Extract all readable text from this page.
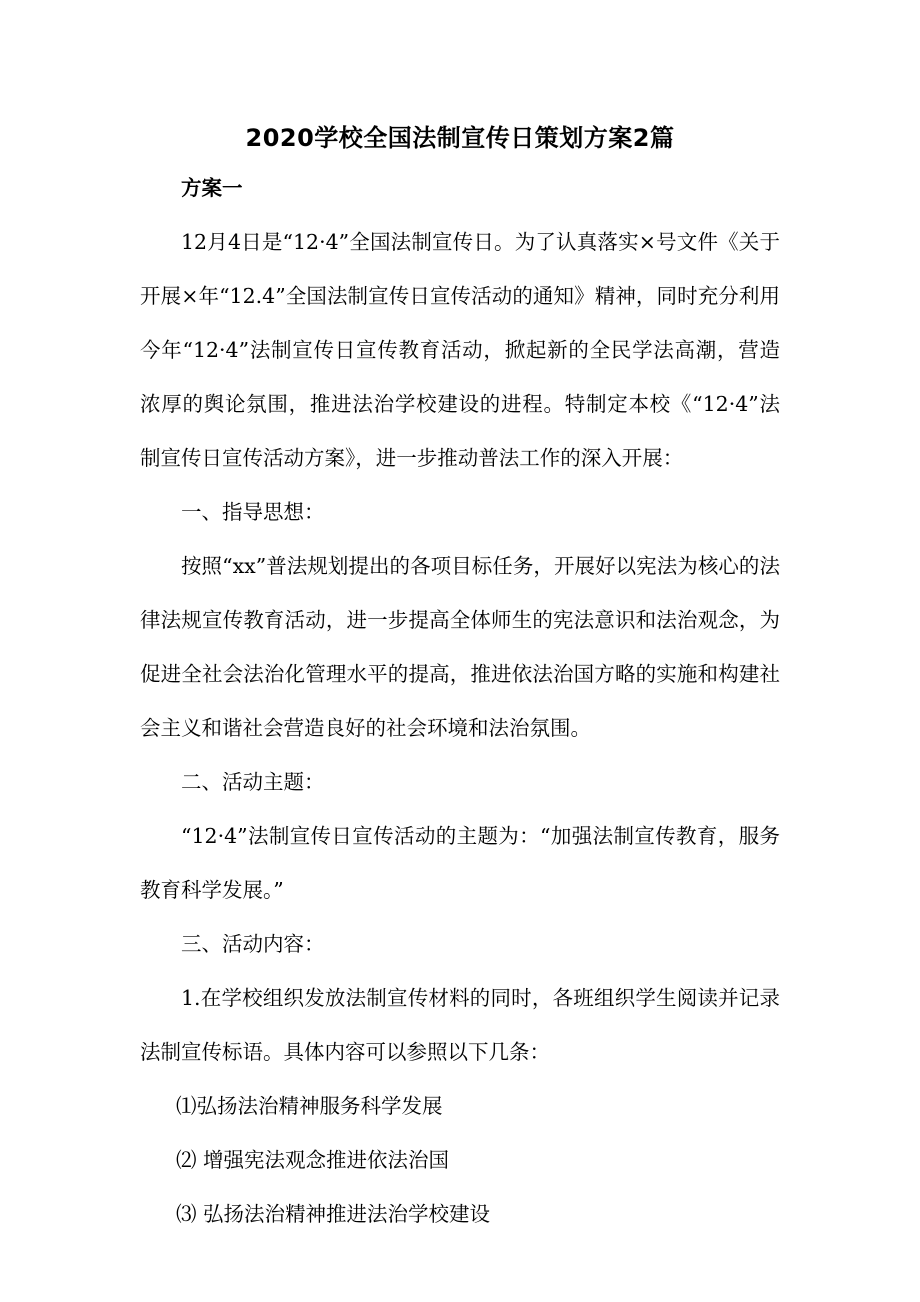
2020学校全国法制宣传日策划方案2篇

方案一

12月4日是“12·4”全国法制宣传日。为了认真落实×号文件《关于开展×年“12.4”全国法制宣传日宣传活动的通知》精神，同时充分利用今年“12·4”法制宣传日宣传教育活动，掀起新的全民学法高潮，营造浓厚的舆论氛围，推进法治学校建设的进程。特制定本校《“12·4”法制宣传日宣传活动方案》，进一步推动普法工作的深入开展：

一、指导思想：

按照“xx”普法规划提出的各项目标任务，开展好以宪法为核心的法律法规宣传教育活动，进一步提高全体师生的宪法意识和法治观念，为促进全社会法治化管理水平的提高，推进依法治国方略的实施和构建社会主义和谐社会营造良好的社会环境和法治氛围。

二、活动主题：

“12·4”法制宣传日宣传活动的主题为：“加强法制宣传教育，服务教育科学发展。”

三、活动内容：

1.在学校组织发放法制宣传材料的同时，各班组织学生阅读并记录法制宣传标语。具体内容可以参照以下几条：

⑴弘扬法治精神服务科学发展

⑵ 增强宪法观念推进依法治国

⑶ 弘扬法治精神推进法治学校建设
